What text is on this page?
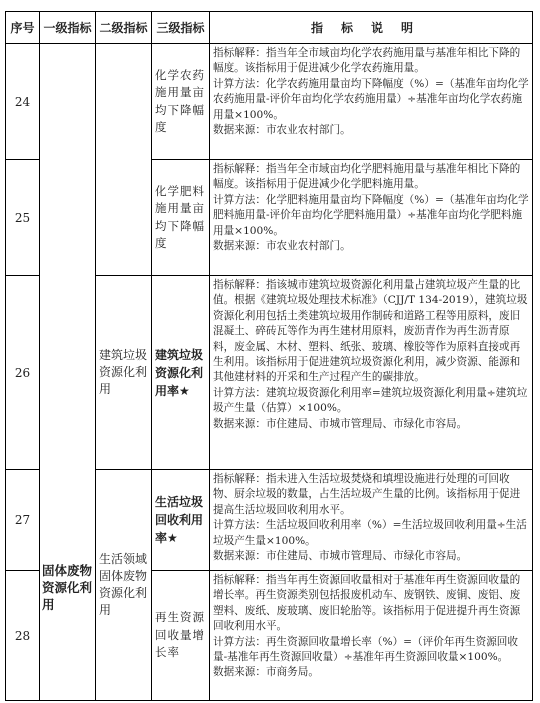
序号	一级指标	二级指标	三级指标	指标说明
24	固体废物资源化利用		化学农药施用量亩均下降幅度	指标解释：指当年全市域亩均化学农药施用量与基准年相比下降的幅度。该指标用于促进减少化学农药施用量。
计算方法：化学农药施用量亩均下降幅度（%）=（基准年亩均化学农药施用量-评价年亩均化学农药施用量）÷基准年亩均化学农药施用量×100%。
数据来源：市农业农村部门。

25			化学肥料施用量亩均下降幅度	指标解释：指当年全市域亩均化学肥料施用量与基准年相比下降的幅度。该指标用于促进减少化学肥料施用量。
计算方法：化学肥料施用量亩均下降幅度（%）=（基准年亩均化学肥料施用量-评价年亩均化学肥料施用量）÷基准年亩均化学肥料施用量×100%。
数据来源：市农业农村部门。

26		建筑垃圾资源化利用	建筑垃圾资源化利用率★	指标解释：指该城市建筑垃圾资源化利用量占建筑垃圾产生量的比值。根据《建筑垃圾处理技术标准》（CJJ/T 134-2019），建筑垃圾资源化利用包括土类建筑垃圾用作制砖和道路工程等用原料，废旧混凝土、碎砖瓦等作为再生建材用原料，废沥青作为再生沥青原料，废金属、木材、塑料、纸张、玻璃、橡胶等作为原料直接或再生利用。该指标用于促进建筑垃圾资源化利用，减少资源、能源和其他建材料的开采和生产过程产生的碳排放。
计算方法：建筑垃圾资源化利用率=建筑垃圾资源化利用量÷建筑垃圾产生量（估算）×100%。
数据来源：市住建局、市城市管理局、市绿化市容局。

27		生活领域固体废物资源化利用	生活垃圾回收利用率★	指标解释：指未进入生活垃圾焚烧和填埋设施进行处理的可回收物、厨余垃圾的数量，占生活垃圾产生量的比例。该指标用于促进提高生活垃圾回收利用水平。
计算方法：生活垃圾回收利用率（%）=生活垃圾回收利用量÷生活垃圾产生量×100%。
数据来源：市住建局、市城市管理局、市绿化市容局。

28			再生资源回收量增长率	指标解释：指当年再生资源回收量相对于基准年再生资源回收量的增长率。再生资源类别包括报废机动车、废钢铁、废铜、废铝、废塑料、废纸、废玻璃、废旧轮胎等。该指标用于促进提升再生资源回收利用水平。
计算方法：再生资源回收量增长率（%）=（评价年再生资源回收量-基准年再生资源回收量）÷基准年再生资源回收量×100%。
数据来源：市商务局。
